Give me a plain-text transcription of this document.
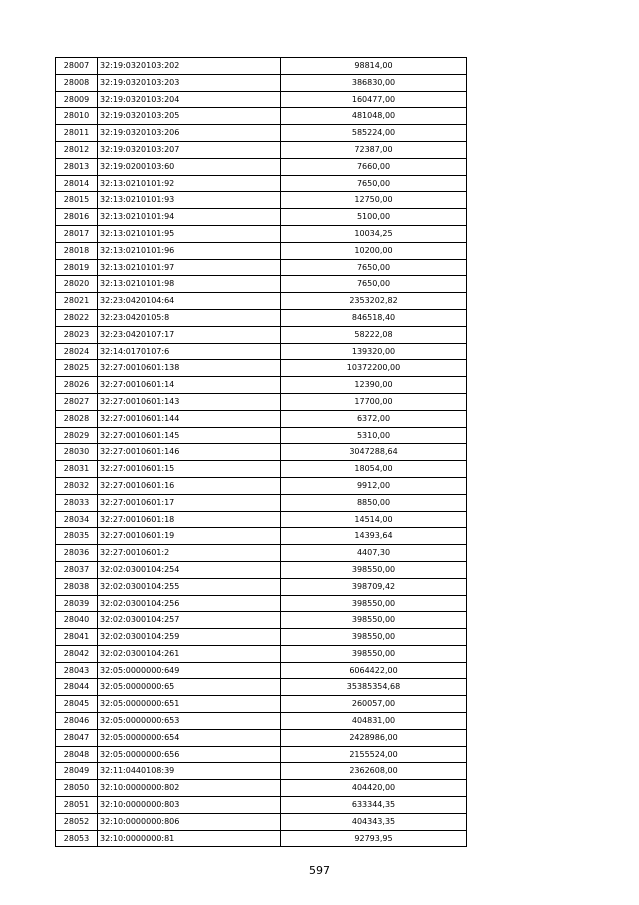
28007	32:19:0320103:202	98814,00
28008	32:19:0320103:203	386830,00
28009	32:19:0320103:204	160477,00
28010	32:19:0320103:205	481048,00
28011	32:19:0320103:206	585224,00
28012	32:19:0320103:207	72387,00
28013	32:19:0200103:60	7660,00
28014	32:13:0210101:92	7650,00
28015	32:13:0210101:93	12750,00
28016	32:13:0210101:94	5100,00
28017	32:13:0210101:95	10034,25
28018	32:13:0210101:96	10200,00
28019	32:13:0210101:97	7650,00
28020	32:13:0210101:98	7650,00
28021	32:23:0420104:64	2353202,82
28022	32:23:0420105:8	846518,40
28023	32:23:0420107:17	58222,08
28024	32:14:0170107:6	139320,00
28025	32:27:0010601:138	10372200,00
28026	32:27:0010601:14	12390,00
28027	32:27:0010601:143	17700,00
28028	32:27:0010601:144	6372,00
28029	32:27:0010601:145	5310,00
28030	32:27:0010601:146	3047288,64
28031	32:27:0010601:15	18054,00
28032	32:27:0010601:16	9912,00
28033	32:27:0010601:17	8850,00
28034	32:27:0010601:18	14514,00
28035	32:27:0010601:19	14393,64
28036	32:27:0010601:2	4407,30
28037	32:02:0300104:254	398550,00
28038	32:02:0300104:255	398709,42
28039	32:02:0300104:256	398550,00
28040	32:02:0300104:257	398550,00
28041	32:02:0300104:259	398550,00
28042	32:02:0300104:261	398550,00
28043	32:05:0000000:649	6064422,00
28044	32:05:0000000:65	35385354,68
28045	32:05:0000000:651	260057,00
28046	32:05:0000000:653	404831,00
28047	32:05:0000000:654	2428986,00
28048	32:05:0000000:656	2155524,00
28049	32:11:0440108:39	2362608,00
28050	32:10:0000000:802	404420,00
28051	32:10:0000000:803	633344,35
28052	32:10:0000000:806	404343,35
28053	32:10:0000000:81	92793,95
597
